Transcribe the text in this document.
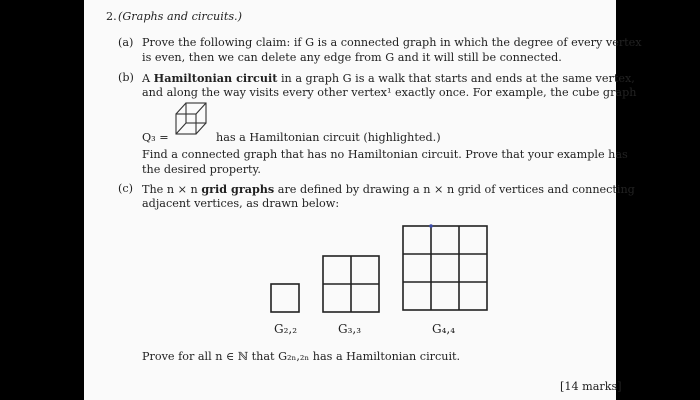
2. (Graphs and circuits.)
(a) Prove the following claim: if G is a connected graph in which the degree of every vertex
is even, then we can delete any edge from G and it will still be connected.
(b) A Hamiltonian circuit in a graph G is a walk that starts and ends at the same vertex,
and along the way visits every other vertex¹ exactly once. For example, the cube graph
Q₃ =	has a Hamiltonian circuit (highlighted.)
Find a connected graph that has no Hamiltonian circuit. Prove that your example has
the desired property.
(c) The n × n grid graphs are defined by drawing a n × n grid of vertices and connecting
adjacent vertices, as drawn below:
G₂,₂	G₃,₃	G₄,₄
Prove for all n ∈ ℕ that G₂ₙ,₂ₙ has a Hamiltonian circuit.
[14 marks]
